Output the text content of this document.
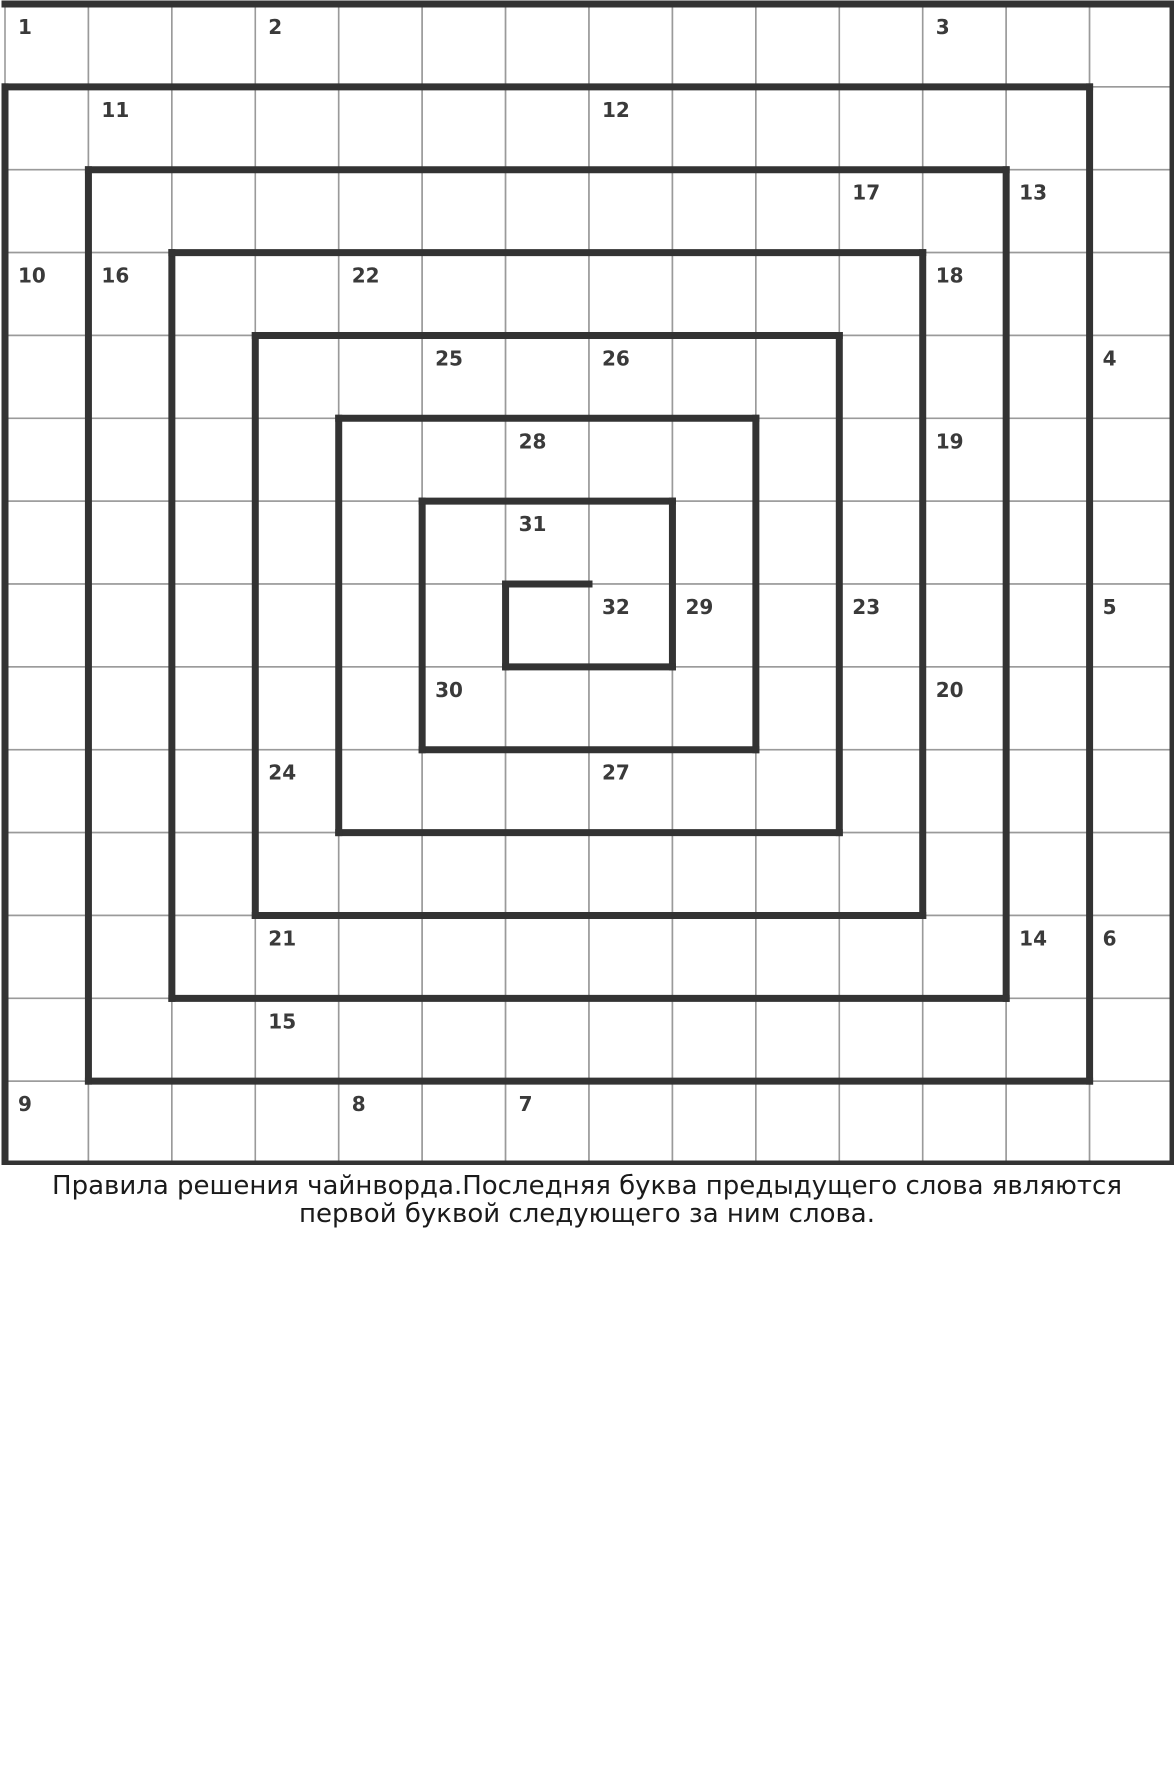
1	2	3
11	12
17	13
10	16	22	18
25	26	4
28	19
31
32	29	23	5
30	20
24	27
21	14	6
15
9	8	7
Правила решения чайнворда.Последняя буква предыдущего слова являются первой буквой следующего за ним слова.
